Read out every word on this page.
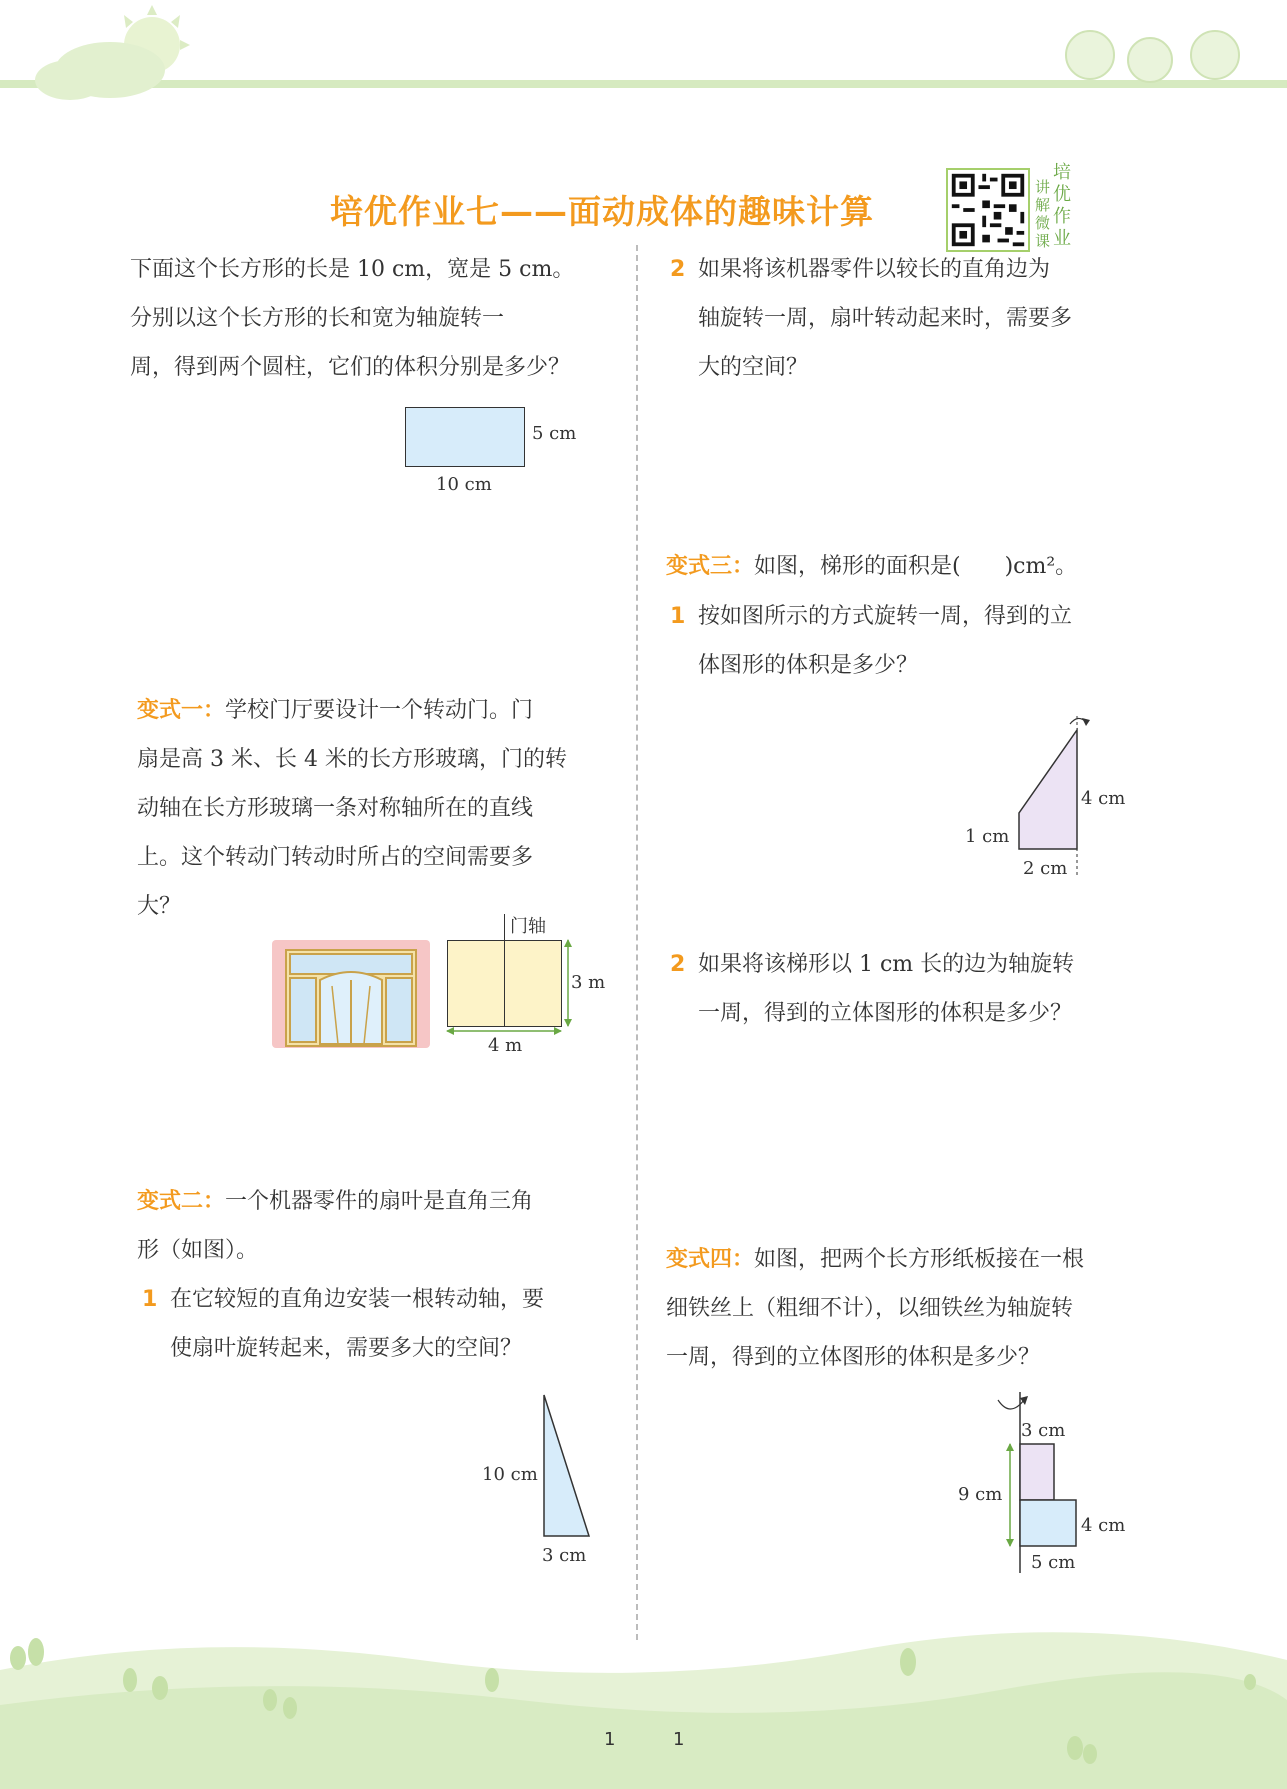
培优作业七——面动成体的趣味计算
讲
解
微
课
培
优
作
业
下面这个长方形的长是 10 cm，宽是 5 cm。
分别以这个长方形的长和宽为轴旋转一
周，得到两个圆柱，它们的体积分别是多少？
5 cm
10 cm
变式一：学校门厅要设计一个转动门。门
扇是高 3 米、长 4 米的长方形玻璃，门的转
动轴在长方形玻璃一条对称轴所在的直线
上。这个转动门转动时所占的空间需要多
大？
门轴
3 m
4 m
变式二：一个机器零件的扇叶是直角三角
形（如图）。
1 在它较短的直角边安装一根转动轴，要
使扇叶旋转起来，需要多大的空间？
10 cm
3 cm
2 如果将该机器零件以较长的直角边为
轴旋转一周，扇叶转动起来时，需要多
大的空间？
变式三：如图，梯形的面积是(　　)cm²。
1 按如图所示的方式旋转一周，得到的立
体图形的体积是多少？
4 cm
1 cm
2 cm
2 如果将该梯形以 1 cm 长的边为轴旋转
一周，得到的立体图形的体积是多少？
变式四：如图，把两个长方形纸板接在一根
细铁丝上（粗细不计），以细铁丝为轴旋转
一周，得到的立体图形的体积是多少？
3 cm
9 cm
4 cm
5 cm
1	1
